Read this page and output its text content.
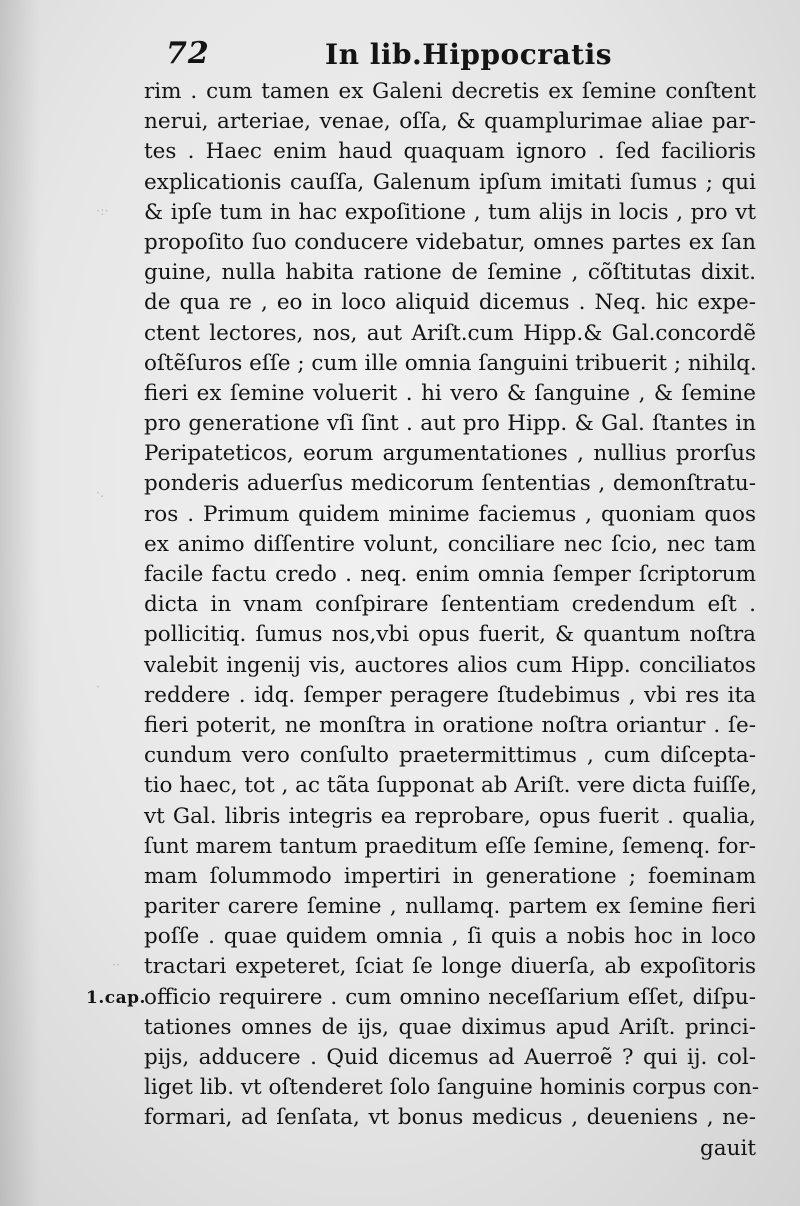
·:·
·.
·
··
72	In lib.Hippocratis
rim . cum tamen ex Galeni decretis ex ſemine conſtent
nerui, arteriae, venae, oſſa, & quamplurimae aliae par-
tes . Haec enim haud quaquam ignoro . ſed facilioris
explicationis cauſſa, Galenum ipſum imitati ſumus ; qui
& ipſe tum in hac expoſitione , tum alijs in locis , pro vt
propoſito ſuo conducere videbatur, omnes partes ex ſan
guine, nulla habita ratione de ſemine , cõſtitutas dixit.
de qua re , eo in loco aliquid dicemus . Neq. hic expe-
ctent lectores, nos, aut Ariſt.cum Hipp.& Gal.concordẽ
oſtẽſuros eſſe ; cum ille omnia ſanguini tribuerit ; nihilq.
fieri ex ſemine voluerit . hi vero & ſanguine , & ſemine
pro generatione vſi ſint . aut pro Hipp. & Gal. ſtantes in
Peripateticos, eorum argumentationes , nullius prorſus
ponderis aduerſus medicorum ſententias , demonſtratu-
ros . Primum quidem minime faciemus , quoniam quos
ex animo diſſentire volunt, conciliare nec ſcio, nec tam
facile factu credo . neq. enim omnia ſemper ſcriptorum
dicta in vnam conſpirare ſententiam credendum eſt .
pollicitiq. ſumus nos,vbi opus fuerit, & quantum noſtra
valebit ingenij vis, auctores alios cum Hipp. conciliatos
reddere . idq. ſemper peragere ſtudebimus , vbi res ita
fieri poterit, ne monſtra in oratione noſtra oriantur . ſe-
cundum vero conſulto praetermittimus , cum diſcepta-
tio haec, tot , ac tãta ſupponat ab Ariſt. vere dicta fuiſſe,
vt Gal. libris integris ea reprobare, opus fuerit . qualia,
ſunt marem tantum praeditum eſſe ſemine, ſemenq. for-
mam ſolummodo impertiri in generatione ; foeminam
pariter carere ſemine , nullamq. partem ex ſemine fieri
poſſe . quae quidem omnia , ſi quis a nobis hoc in loco
tractari expeteret, ſciat ſe longe diuerſa, ab expoſitoris
officio requirere . cum omnino neceſſarium eſſet, diſpu-
tationes omnes de ijs, quae diximus apud Ariſt. princi-
pijs, adducere . Quid dicemus ad Auerroẽ ? qui ij. col-
liget lib. vt oſtenderet ſolo ſanguine hominis corpus con-
formari, ad ſenſata, vt bonus medicus , deueniens , ne-
gauit
1.cap.
